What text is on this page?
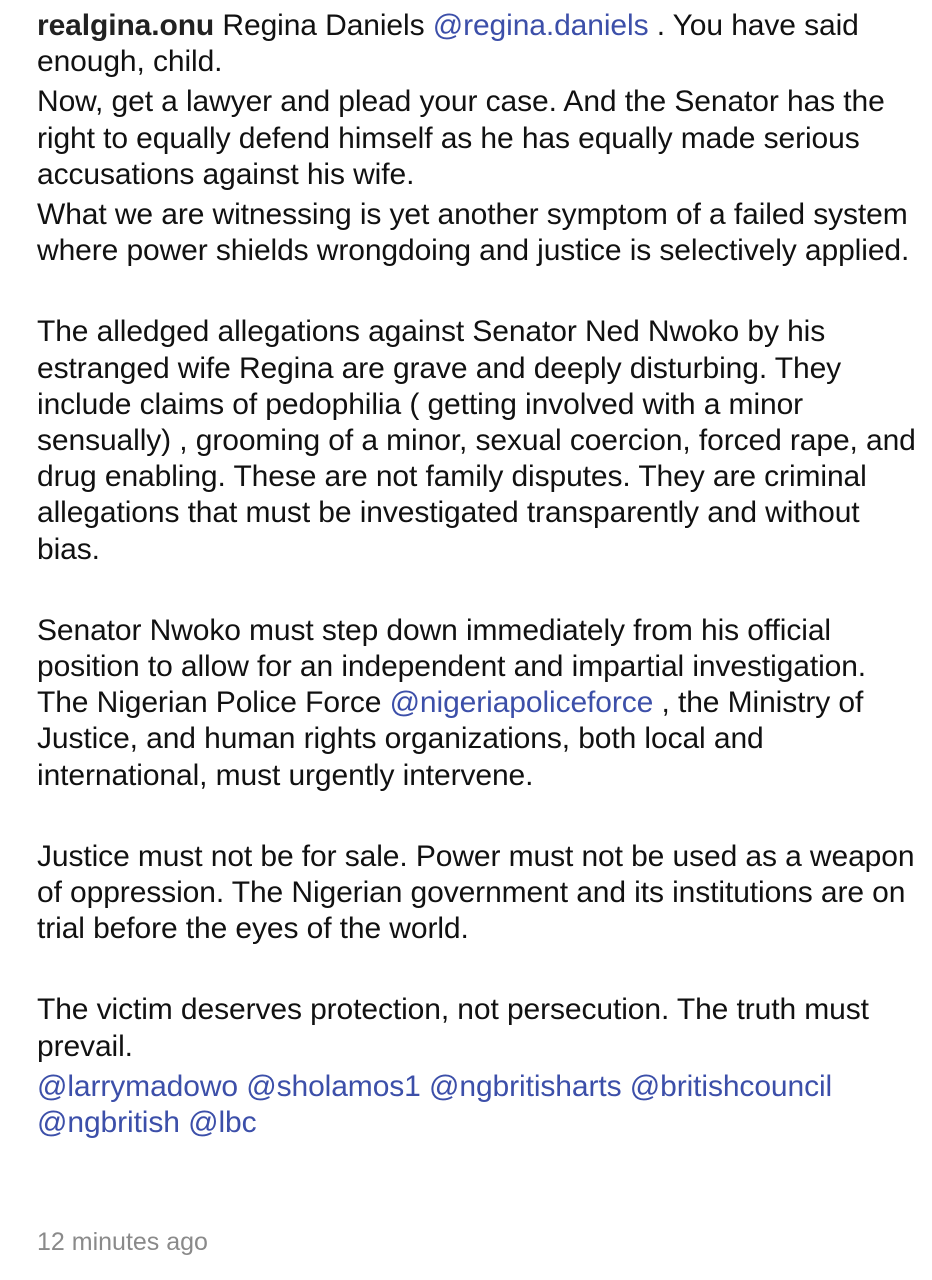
realgina.onu Regina Daniels @regina.daniels . You have said enough, child.

Now, get a lawyer and plead your case. And the Senator has the right to equally defend himself as he has equally made serious accusations against his wife.

What we are witnessing is yet another symptom of a failed system where power shields wrongdoing and justice is selectively applied.

The alledged allegations against Senator Ned Nwoko by his estranged wife Regina are grave and deeply disturbing. They include claims of pedophilia ( getting involved with a minor sensually) , grooming of a minor, sexual coercion, forced rape, and drug enabling. These are not family disputes. They are criminal allegations that must be investigated transparently and without bias.

Senator Nwoko must step down immediately from his official position to allow for an independent and impartial investigation. The Nigerian Police Force @nigeriapoliceforce , the Ministry of Justice, and human rights organizations, both local and international, must urgently intervene.

Justice must not be for sale. Power must not be used as a weapon of oppression. The Nigerian government and its institutions are on trial before the eyes of the world.

The victim deserves protection, not persecution. The truth must prevail.

@larrymadowo @sholamos1 @ngbritisharts @britishcouncil @ngbritish @lbc

12 minutes ago
